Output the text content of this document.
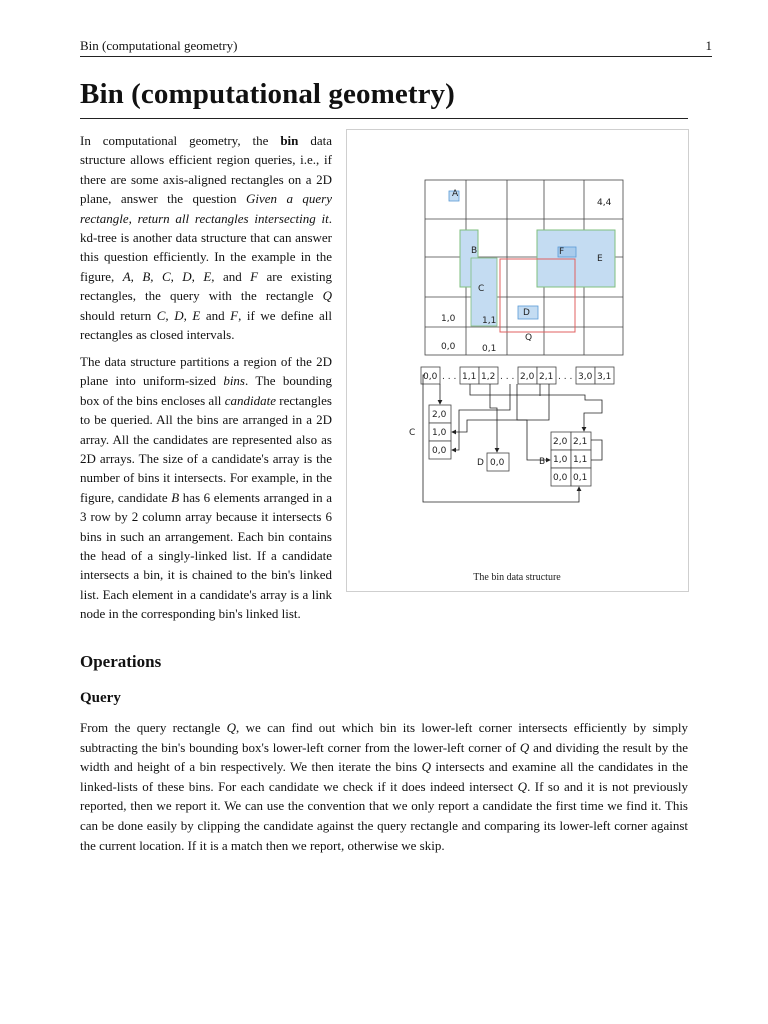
Bin (computational geometry)	1
Bin (computational geometry)

In computational geometry, the bin data structure allows efficient region queries, i.e., if there are some axis-aligned rectangles on a 2D plane, answer the question Given a query rectangle, return all rectangles intersecting it. kd-tree is another data structure that can answer this question efficiently. In the example in the figure, A, B, C, D, E, and F are existing rectangles, the query with the rectangle Q should return C, D, E and F, if we define all rectangles as closed intervals.

The data structure partitions a region of the 2D plane into uniform-sized bins. The bounding box of the bins encloses all candidate rectangles to be queried. All the bins are arranged in a 2D array. All the candidates are represented also as 2D arrays. The size of a candidate's array is the number of bins it intersects. For example, in the figure, candidate B has 6 elements arranged in a 3 row by 2 column array because it intersects 6 bins in such an arrangement. Each bin contains the head of a singly-linked list. If a candidate intersects a bin, it is chained to the bin's linked list. Each element in a candidate's array is a link node in the corresponding bin's linked list.

A
B
C
D
E
F
Q
4,4
1,0	1,1
0,0	0,1
0,0 . . . 1,1 1,2 . . . 2,0 2,1 . . . 3,0 3,1
C
2,0
1,0
0,0
D 0,0	B
2,0 2,1
1,0 1,1
0,0 0,1
The bin data structure
Operations
Query

From the query rectangle Q, we can find out which bin its lower-left corner intersects efficiently by simply subtracting the bin's bounding box's lower-left corner from the lower-left corner of Q and dividing the result by the width and height of a bin respectively. We then iterate the bins Q intersects and examine all the candidates in the linked-lists of these bins. For each candidate we check if it does indeed intersect Q. If so and it is not previously reported, then we report it. We can use the convention that we only report a candidate the first time we find it. This can be done easily by clipping the candidate against the query rectangle and comparing its lower-left corner against the current location. If it is a match then we report, otherwise we skip.
